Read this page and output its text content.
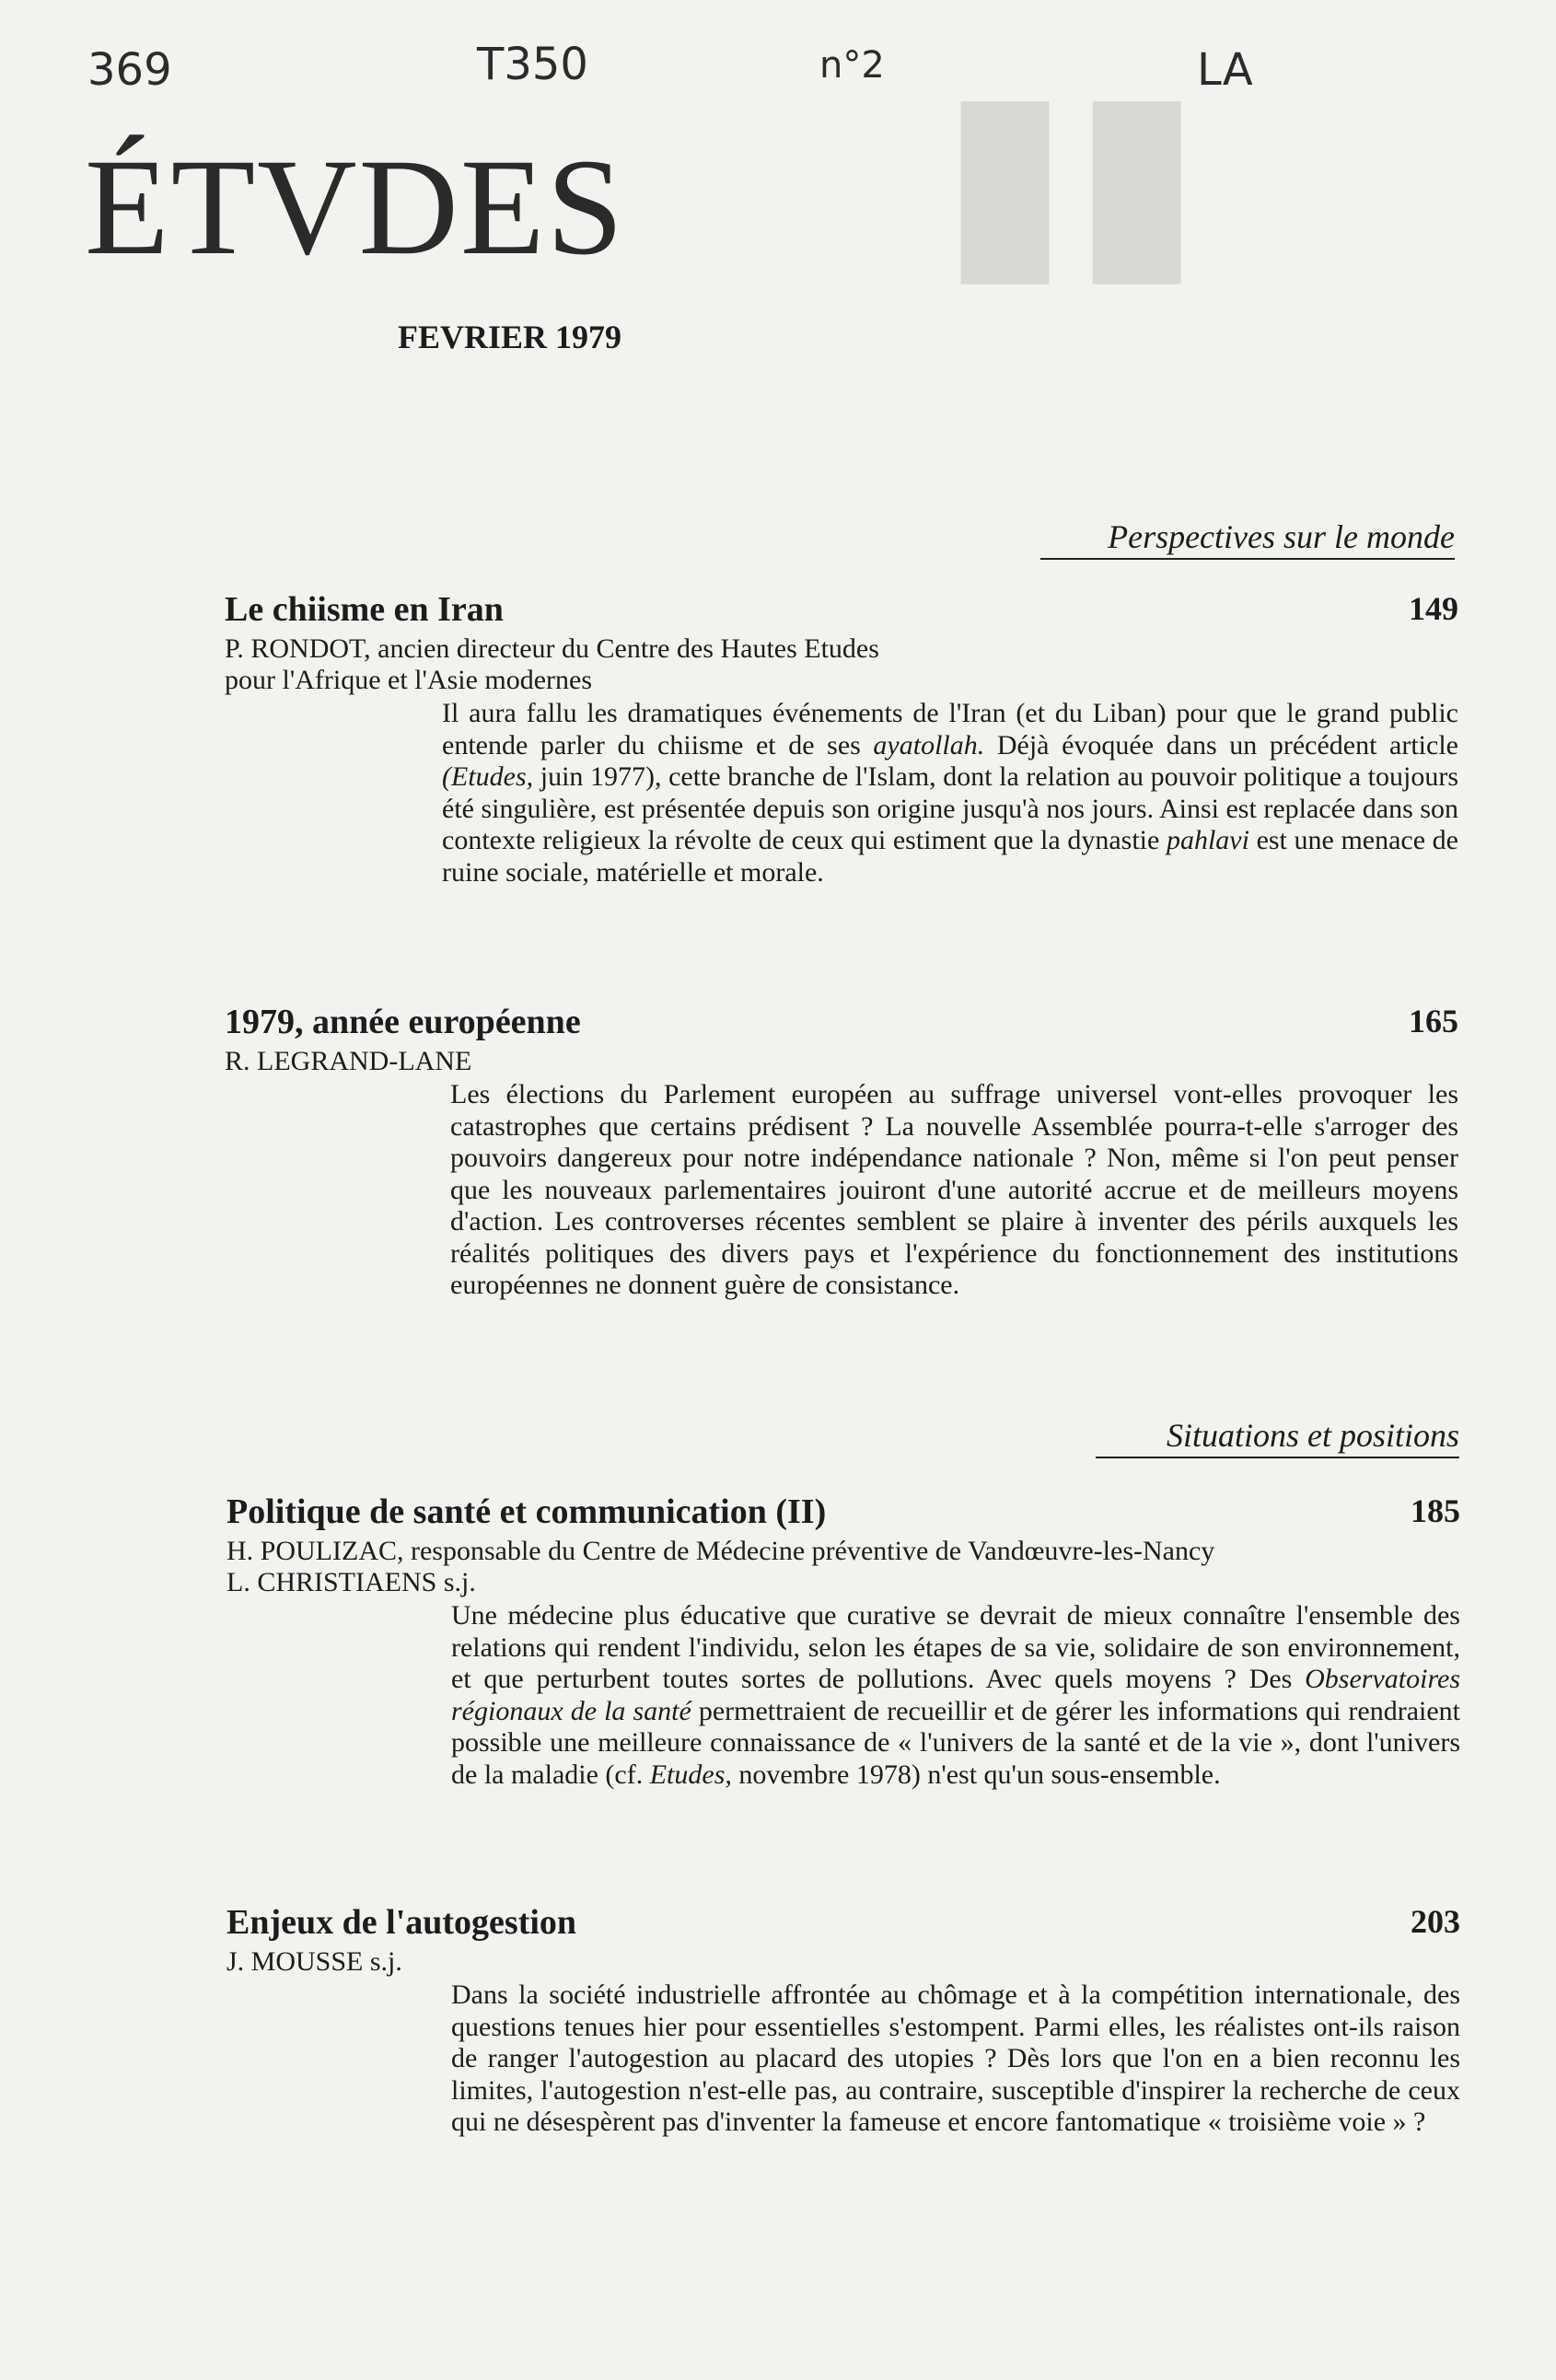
▮▮
369	T350	n°2	LA
ÉTVDES
FEVRIER 1979
Perspectives sur le monde
Le chiisme en Iran	149
P. RONDOT, ancien directeur du Centre des Hautes Etudes
pour l'Afrique et l'Asie modernes
Il aura fallu les dramatiques événements de l'Iran (et du Liban) pour que le grand public entende parler du chiisme et de ses ayatollah. Déjà évoquée dans un précédent article (Etudes, juin 1977), cette branche de l'Islam, dont la relation au pouvoir politique a toujours été singulière, est présentée depuis son origine jusqu'à nos jours. Ainsi est replacée dans son contexte religieux la révolte de ceux qui estiment que la dynastie pahlavi est une menace de ruine sociale, matérielle et morale.
1979, année européenne	165
R. LEGRAND-LANE
Les élections du Parlement européen au suffrage universel vont-elles provoquer les catastrophes que certains prédisent ? La nouvelle Assemblée pourra-t-elle s'arroger des pouvoirs dangereux pour notre indépendance nationale ? Non, même si l'on peut penser que les nouveaux parlementaires jouiront d'une autorité accrue et de meilleurs moyens d'action. Les controverses récentes semblent se plaire à inventer des périls auxquels les réalités politiques des divers pays et l'expérience du fonctionnement des institutions européennes ne donnent guère de consistance.
Situations et positions
Politique de santé et communication (II)	185
H. POULIZAC, responsable du Centre de Médecine préventive de Vandœuvre-les-Nancy
L. CHRISTIAENS s.j.
Une médecine plus éducative que curative se devrait de mieux connaître l'ensemble des relations qui rendent l'individu, selon les étapes de sa vie, solidaire de son environnement, et que perturbent toutes sortes de pollutions. Avec quels moyens ? Des Observatoires régionaux de la santé permettraient de recueillir et de gérer les informations qui rendraient possible une meilleure connaissance de « l'univers de la santé et de la vie », dont l'univers de la maladie (cf. Etudes, novembre 1978) n'est qu'un sous-ensemble.
Enjeux de l'autogestion	203
J. MOUSSE s.j.
Dans la société industrielle affrontée au chômage et à la compétition internationale, des questions tenues hier pour essentielles s'estompent. Parmi elles, les réalistes ont-ils raison de ranger l'autogestion au placard des utopies ? Dès lors que l'on en a bien reconnu les limites, l'autogestion n'est-elle pas, au contraire, susceptible d'inspirer la recherche de ceux qui ne désespèrent pas d'inventer la fameuse et encore fantomatique « troisième voie » ?
